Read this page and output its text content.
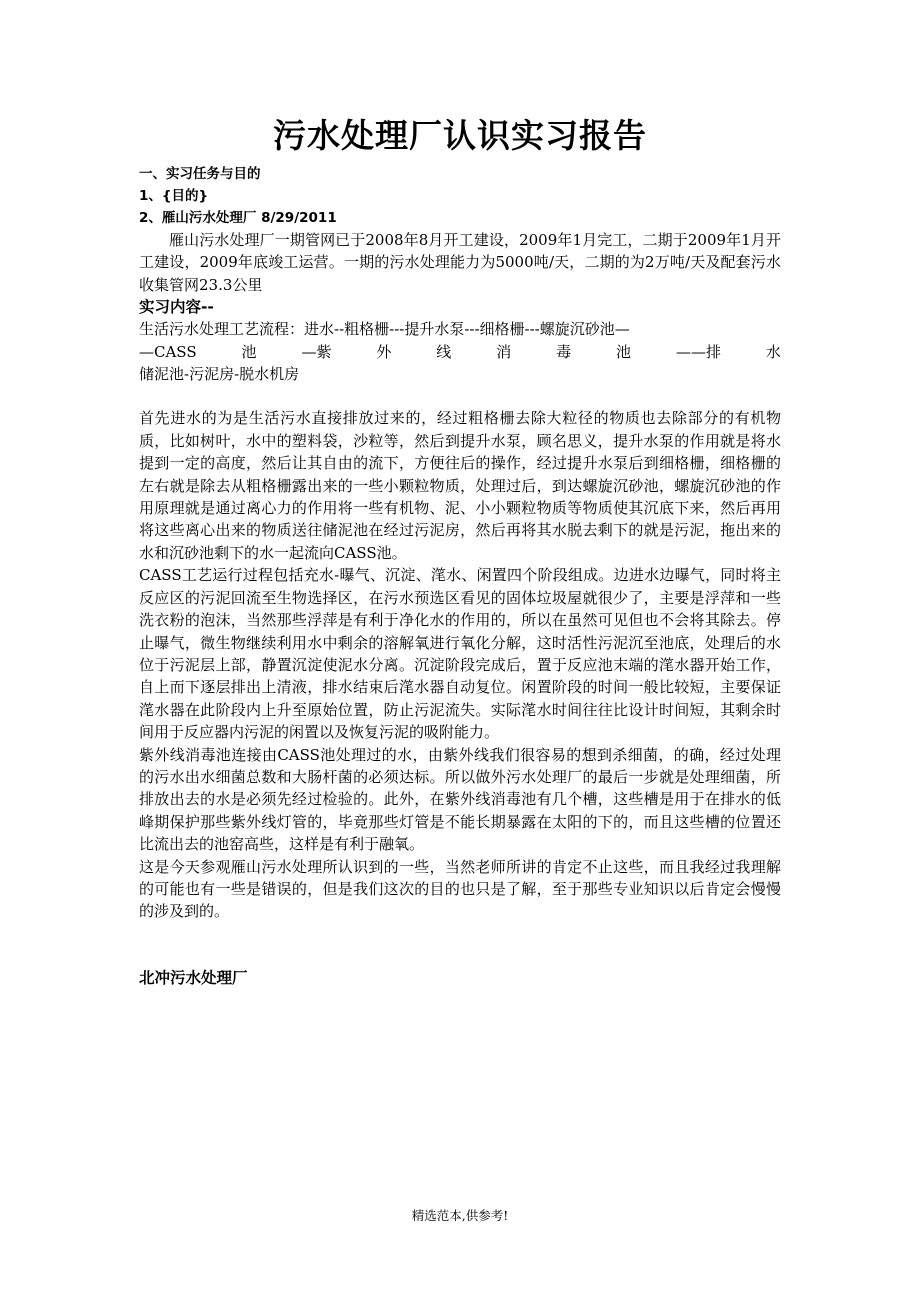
污水处理厂认识实习报告
一、实习任务与目的
1、{目的}
2、雁山污水处理厂 8/29/2011

雁山污水处理厂一期管网已于2008年8月开工建设，2009年1月完工，二期于2009年1月开工建设，2009年底竣工运营。一期的污水处理能力为5000吨/天，二期的为2万吨/天及配套污水收集管网23.3公里

实习内容--
生活污水处理工艺流程：进水--粗格栅---提升水泵---细格栅---螺旋沉砂池—
—CASS	池	—紫	外	线	消	毒	池	——排	水
储泥池-污泥房-脱水机房

首先进水的为是生活污水直接排放过来的，经过粗格栅去除大粒径的物质也去除部分的有机物质，比如树叶，水中的塑料袋，沙粒等，然后到提升水泵，顾名思义，提升水泵的作用就是将水提到一定的高度，然后让其自由的流下，方便往后的操作，经过提升水泵后到细格栅，细格栅的左右就是除去从粗格栅露出来的一些小颗粒物质，处理过后，到达螺旋沉砂池，螺旋沉砂池的作用原理就是通过离心力的作用将一些有机物、泥、小小颗粒物质等物质使其沉底下来，然后再用将这些离心出来的物质送往储泥池在经过污泥房，然后再将其水脱去剩下的就是污泥，拖出来的水和沉砂池剩下的水一起流向CASS池。

CASS工艺运行过程包括充水-曝气、沉淀、滗水、闲置四个阶段组成。边进水边曝气，同时将主反应区的污泥回流至生物选择区，在污水预选区看见的固体垃圾屋就很少了，主要是浮萍和一些洗衣粉的泡沫，当然那些浮萍是有利于净化水的作用的，所以在虽然可见但也不会将其除去。停止曝气，微生物继续利用水中剩余的溶解氧进行氧化分解，这时活性污泥沉至池底，处理后的水位于污泥层上部，静置沉淀使泥水分离。沉淀阶段完成后，置于反应池末端的滗水器开始工作，自上而下逐层排出上清液，排水结束后滗水器自动复位。闲置阶段的时间一般比较短，主要保证滗水器在此阶段内上升至原始位置，防止污泥流失。实际滗水时间往往比设计时间短，其剩余时间用于反应器内污泥的闲置以及恢复污泥的吸附能力。

紫外线消毒池连接由CASS池处理过的水，由紫外线我们很容易的想到杀细菌，的确，经过处理的污水出水细菌总数和大肠杆菌的必须达标。所以做外污水处理厂的最后一步就是处理细菌，所排放出去的水是必须先经过检验的。此外，在紫外线消毒池有几个槽，这些槽是用于在排水的低峰期保护那些紫外线灯管的，毕竟那些灯管是不能长期暴露在太阳的下的，而且这些槽的位置还比流出去的池窑高些，这样是有利于融氧。

这是今天参观雁山污水处理所认识到的一些，当然老师所讲的肯定不止这些，而且我经过我理解的可能也有一些是错误的，但是我们这次的目的也只是了解，至于那些专业知识以后肯定会慢慢的涉及到的。

北冲污水处理厂
精选范本,供参考!
